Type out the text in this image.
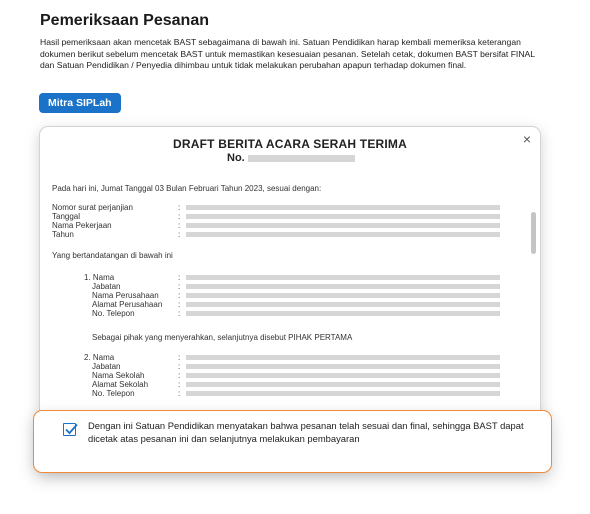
Pemeriksaan Pesanan
Hasil pemeriksaan akan mencetak BAST sebagaimana di bawah ini. Satuan Pendidikan harap kembali memeriksa keterangan dokumen berikut sebelum mencetak BAST untuk memastikan kesesuaian pesanan. Setelah cetak, dokumen BAST bersifat FINAL dan Satuan Pendidikan / Penyedia dihimbau untuk tidak melakukan perubahan apapun terhadap dokumen final.
Mitra SIPLah
×
DRAFT BERITA ACARA SERAH TERIMA
No.
Pada hari ini, Jumat Tanggal 03 Bulan Februari Tahun 2023, sesuai dengan:
Nomor surat perjanjian	:
Tanggal	:
Nama Pekerjaan	:
Tahun	:
Yang bertandatangan di bawah ini
1. Nama	:
Jabatan	:
Nama Perusahaan :
Alamat Perusahaan :
No. Telepon	:
Sebagai pihak yang menyerahkan, selanjutnya disebut PIHAK PERTAMA
2. Nama	:
Jabatan	:
Nama Sekolah	:
Alamat Sekolah	:
No. Telepon	:
Dengan ini Satuan Pendidikan menyatakan bahwa pesanan telah sesuai dan final, sehingga BAST dapat dicetak atas pesanan ini dan selanjutnya melakukan pembayaran
